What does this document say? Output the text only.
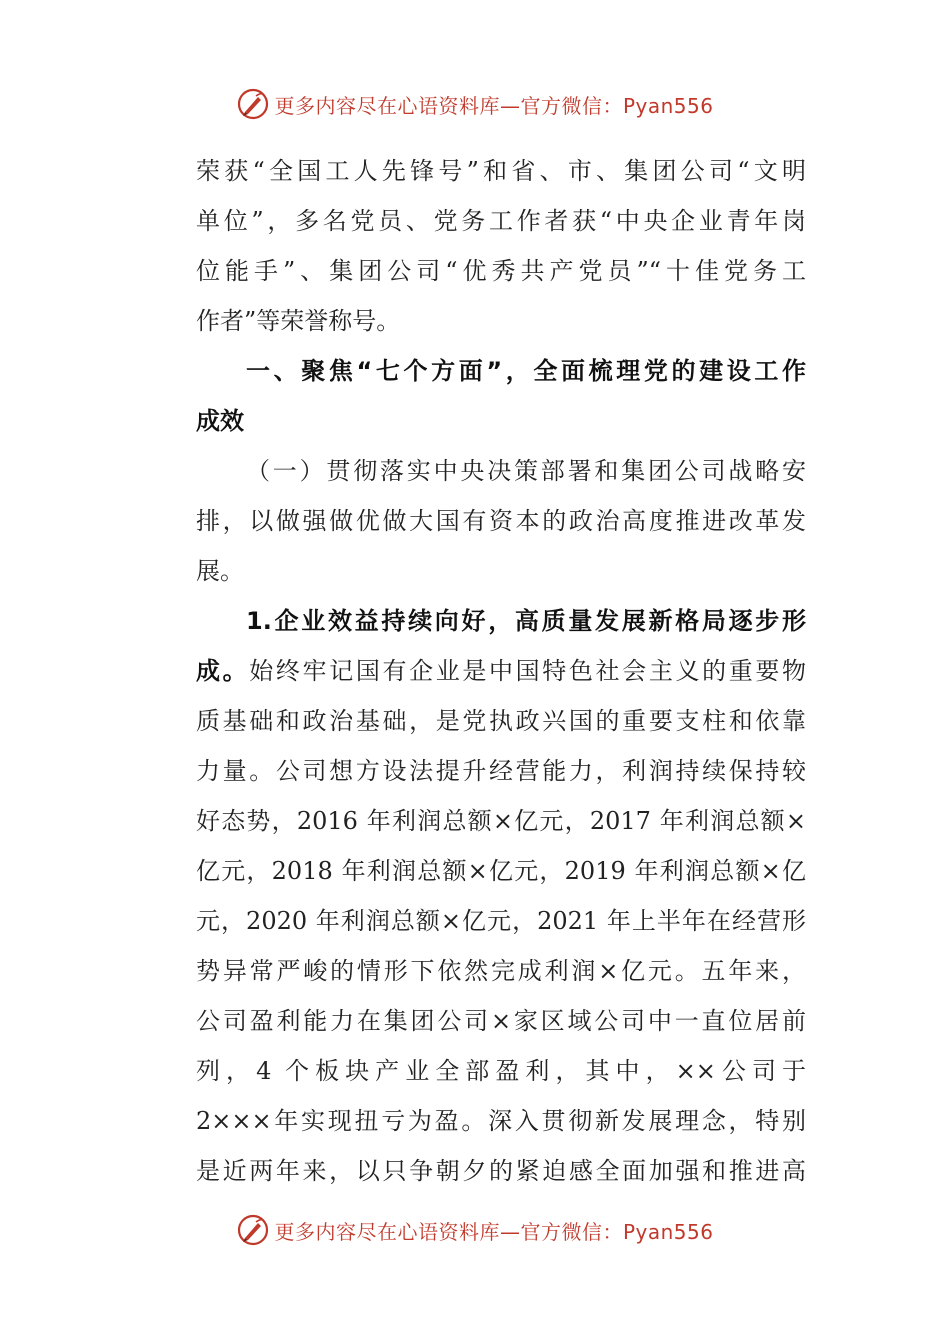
更多内容尽在心语资料库—官方微信：Pyan556
荣获“全国工人先锋号”和省、市、集团公司“文明
单位”，多名党员、党务工作者获“中央企业青年岗
位能手”、集团公司“优秀共产党员”“十佳党务工
作者”等荣誉称号。
一、聚焦“七个方面”，全面梳理党的建设工作
成效
（一）贯彻落实中央决策部署和集团公司战略安
排，以做强做优做大国有资本的政治高度推进改革发
展。
1.企业效益持续向好，高质量发展新格局逐步形
成。始终牢记国有企业是中国特色社会主义的重要物
质基础和政治基础，是党执政兴国的重要支柱和依靠
力量。公司想方设法提升经营能力，利润持续保持较
好态势，2016 年利润总额×亿元，2017 年利润总额×
亿元，2018 年利润总额×亿元，2019 年利润总额×亿
元，2020 年利润总额×亿元，2021 年上半年在经营形
势异常严峻的情形下依然完成利润×亿元。五年来，
公司盈利能力在集团公司×家区域公司中一直位居前
列，4 个板块产业全部盈利，其中，××公司于
2×××年实现扭亏为盈。深入贯彻新发展理念，特别
是近两年来，以只争朝夕的紧迫感全面加强和推进高
更多内容尽在心语资料库—官方微信：Pyan556
